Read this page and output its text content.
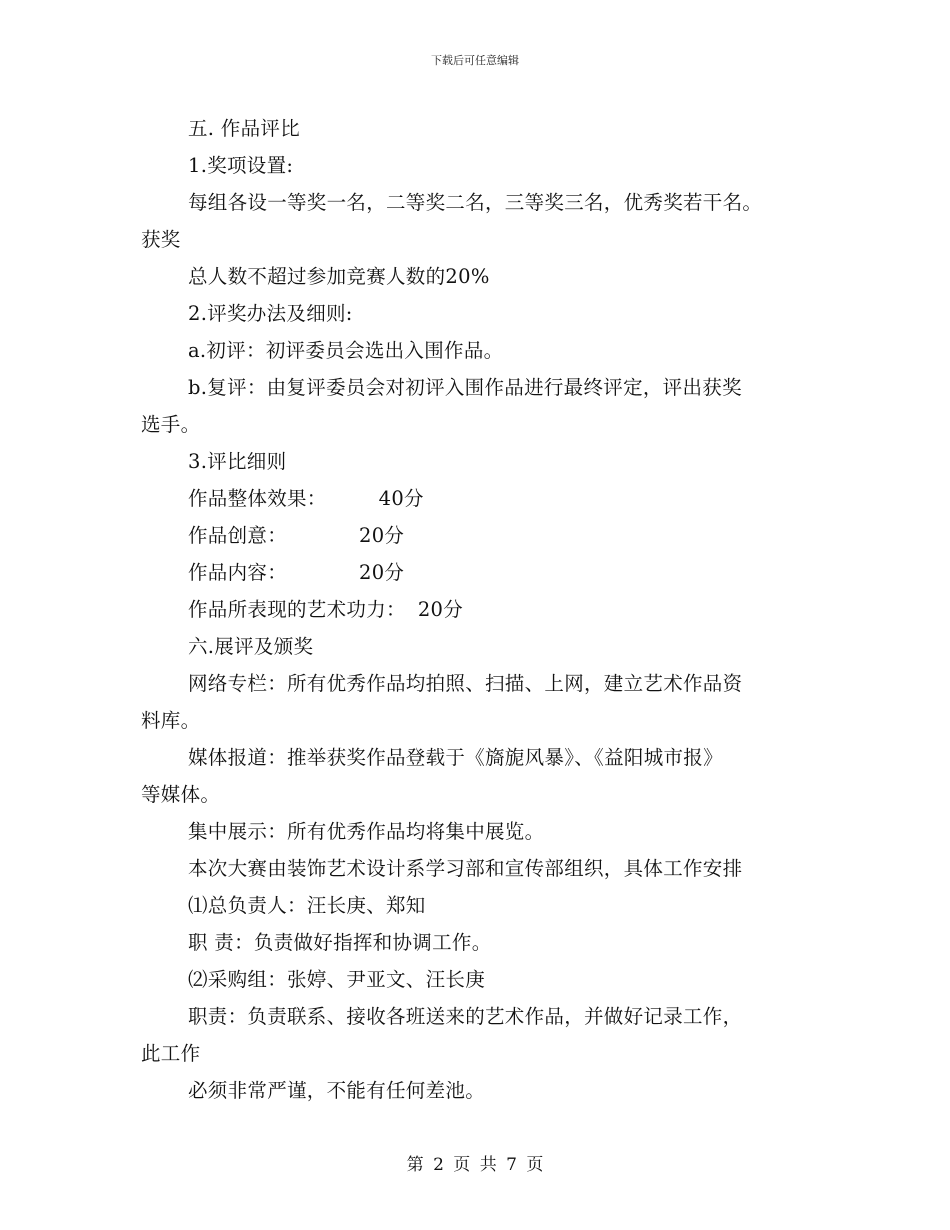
下载后可任意编辑
五. 作品评比
1.奖项设置:
每组各设一等奖一名，二等奖二名，三等奖三名，优秀奖若干名。
获奖
总人数不超过参加竞赛人数的20%
2.评奖办法及细则:
a.初评：初评委员会选出入围作品。
b.复评：由复评委员会对初评入围作品进行最终评定，评出获奖
选手。
3.评比细则
作品整体效果：	40分
作品创意：	20分
作品内容：	20分
作品所表现的艺术功力： 20分
六.展评及颁奖
网络专栏：所有优秀作品均拍照、扫描、上网，建立艺术作品资
料库。
媒体报道：推举获奖作品登载于《旖旎风暴》、《益阳城市报》
等媒体。
集中展示：所有优秀作品均将集中展览。
本次大赛由装饰艺术设计系学习部和宣传部组织，具体工作安排
⑴总负责人：汪长庚、郑知
职 责：负责做好指挥和协调工作。
⑵采购组：张婷、尹亚文、汪长庚
职责：负责联系、接收各班送来的艺术作品，并做好记录工作，
此工作
必须非常严谨，不能有任何差池。
第 2 页 共 7 页
